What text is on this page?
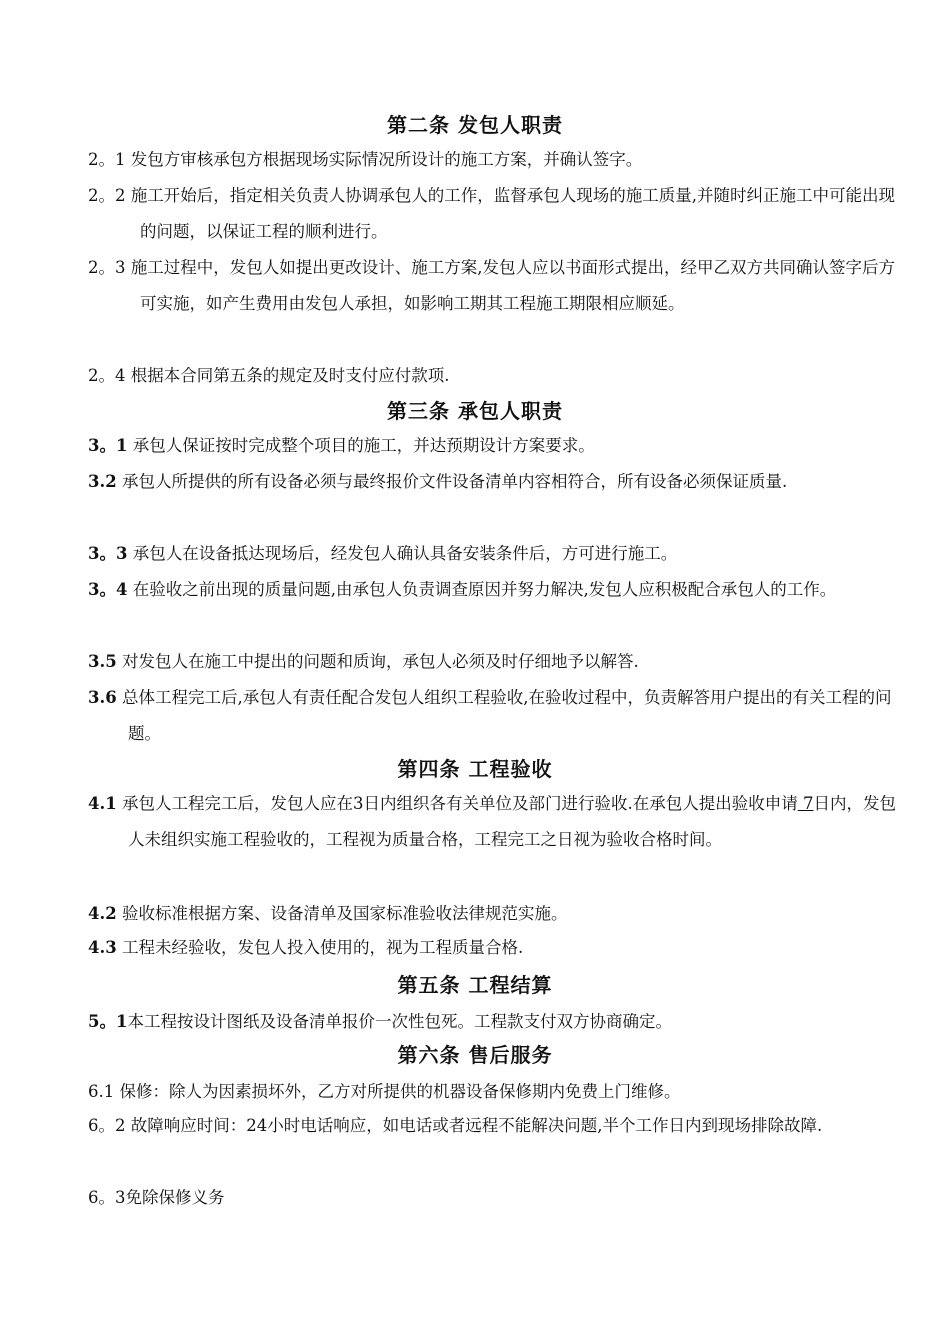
第二条 发包人职责
2。1 发包方审核承包方根据现场实际情况所设计的施工方案，并确认签字。
2。2 施工开始后，指定相关负责人协调承包人的工作，监督承包人现场的施工质量,并随时纠正施工中可能出现的问题，以保证工程的顺利进行。
2。3 施工过程中，发包人如提出更改设计、施工方案,发包人应以书面形式提出，经甲乙双方共同确认签字后方可实施，如产生费用由发包人承担，如影响工期其工程施工期限相应顺延。
2。4 根据本合同第五条的规定及时支付应付款项.
第三条 承包人职责
3。1 承包人保证按时完成整个项目的施工，并达预期设计方案要求。
3.2 承包人所提供的所有设备必须与最终报价文件设备清单内容相符合，所有设备必须保证质量.
3。3 承包人在设备抵达现场后，经发包人确认具备安装条件后，方可进行施工。
3。4 在验收之前出现的质量问题,由承包人负责调查原因并努力解决,发包人应积极配合承包人的工作。
3.5 对发包人在施工中提出的问题和质询，承包人必须及时仔细地予以解答.
3.6 总体工程完工后,承包人有责任配合发包人组织工程验收,在验收过程中，负责解答用户提出的有关工程的问题。
第四条 工程验收
4.1 承包人工程完工后，发包人应在3日内组织各有关单位及部门进行验收.在承包人提出验收申请 7日内，发包人未组织实施工程验收的，工程视为质量合格，工程完工之日视为验收合格时间。
4.2 验收标准根据方案、设备清单及国家标准验收法律规范实施。
4.3 工程未经验收，发包人投入使用的，视为工程质量合格.
第五条 工程结算
5。1本工程按设计图纸及设备清单报价一次性包死。工程款支付双方协商确定。
第六条 售后服务
6.1 保修：除人为因素损坏外，乙方对所提供的机器设备保修期内免费上门维修。
6。2 故障响应时间：24小时电话响应，如电话或者远程不能解决问题,半个工作日内到现场排除故障.
6。3免除保修义务
